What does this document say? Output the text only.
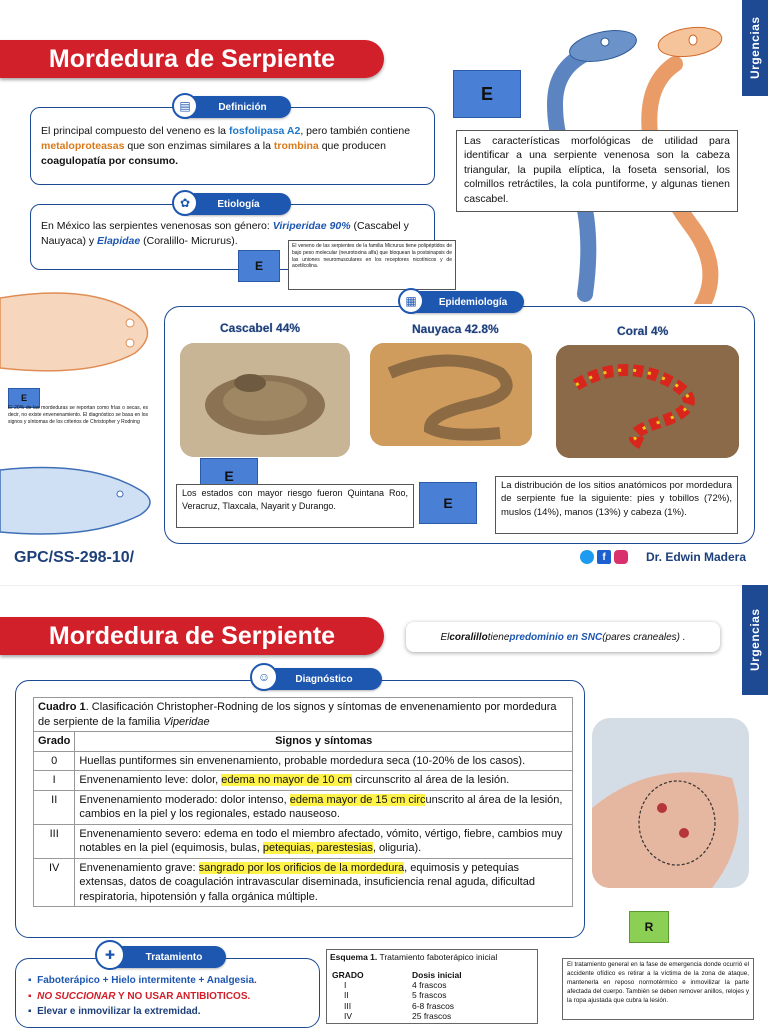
Mordedura de Serpiente	Urgencias
El principal compuesto del veneno es la fosfolipasa A2, pero también contiene metaloproteasas que son enzimas similares a la trombina que producen coagulopatía por consumo.
Definición
▤
En México las serpientes venenosas son género: Viriperidae 90% (Cascabel y Nauyaca) y Elapidae (Coralillo- Micrurus).
Etiología
✿
E
El veneno de las serpientes de la familia Micrurus tiene polipéptidos de bajo peso molecular (neurotoxina alfa) que bloquean la postsinapsis de las uniones neuromusculares en los receptores nicotínicos y de acetilcolina.
E
Las características morfológicas de utilidad para identificar a una serpiente venenosa son la cabeza triangular, la pupila elíptica, la foseta sensorial, los colmillos retráctiles, la cola puntiforme, y algunas tienen cascabel.
E
El 20% de las mordeduras se reportan como frías o secas, es decir, no existe envenenamiento. El diagnóstico se basa en los signos y síntomas de los criterios de Christopher y Rodning
Epidemiología
▦
Cascabel 44%	Nauyaca 42.8%	Coral 4%
E
Los estados con mayor riesgo fueron Quintana Roo, Veracruz, Tlaxcala, Nayarit y Durango.	E
La distribución de los sitios anatómicos por mordedura de serpiente fue la siguiente: pies y tobillos (72%), muslos (14%), manos (13%) y cabeza (1%).
GPC/SS-298-10/	f	Dr. Edwin Madera
Mordedura de Serpiente	Urgencias
El coralillo tiene predominio en SNC (pares craneales) .
Diagnóstico
☺
Cuadro 1. Clasificación Christopher-Rodning de los signos y síntomas de envenenamiento por mordedura de serpiente de la familia Viperidae	
Grado	Signos y síntomas
0	Huellas puntiformes sin envenenamiento, probable mordedura seca (10-20% de los casos).
I	Envenenamiento leve: dolor, edema no mayor de 10 cm circunscrito al área de la lesión.
II	Envenenamiento moderado: dolor intenso, edema mayor de 15 cm circunscrito al área de la lesión, cambios en la piel y los regionales, estado nauseoso.
III	Envenenamiento severo: edema en todo el miembro afectado, vómito, vértigo, fiebre, cambios muy notables en la piel (equimosis, bulas, petequias, parestesias, oliguria).
IV	Envenenamiento grave: sangrado por los orificios de la mordedura, equimosis y petequias extensas, datos de coagulación intravascular diseminada, insuficiencia renal aguda, dificultad respiratoria, hipotensión y falla orgánica múltiple.
R
▪  Faboterápico + Hielo intermitente + Analgesia.
▪  NO SUCCIONAR Y NO USAR ANTIBIOTICOS.
▪  Elevar e inmovilizar la extremidad.
Tratamiento
✚	Esquema 1. Tratamiento faboterápico inicial
GRADO	Dosis inicial
I	4 frascos
II	5 frascos
III	6-8 frascos
IV	25 frascos
El tratamiento general en la fase de emergencia donde ocurrió el accidente ofídico es retirar a la víctima de la zona de ataque, mantenerla en reposo normotérmico e inmovilizar la parte afectada del cuerpo. También se deben remover anillos, relojes y la ropa ajustada que cubra la lesión.
